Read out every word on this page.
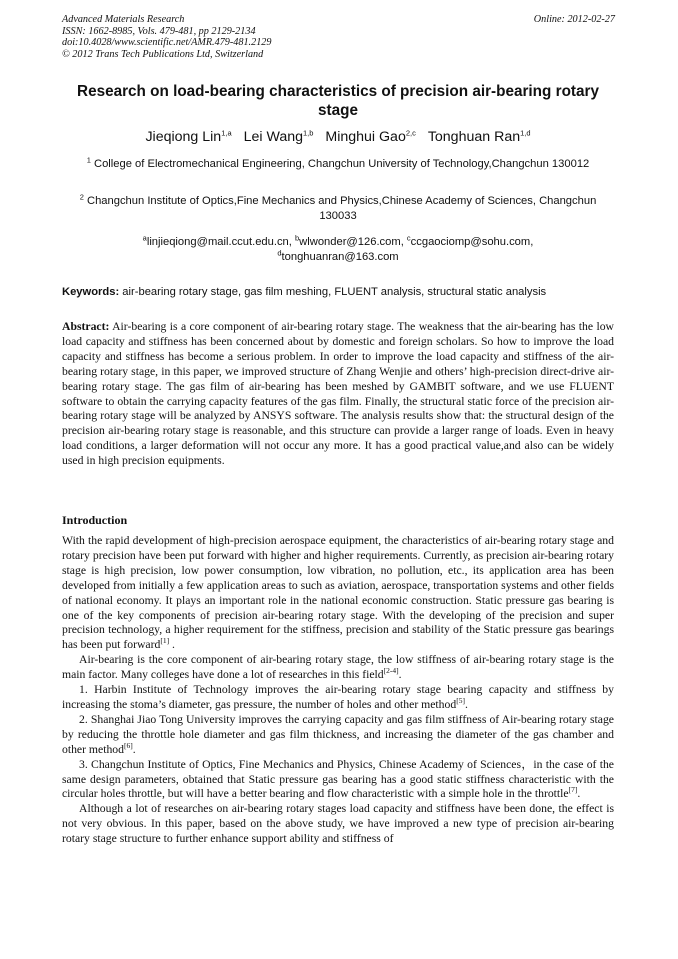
Advanced Materials Research
ISSN: 1662-8985, Vols. 479-481, pp 2129-2134
doi:10.4028/www.scientific.net/AMR.479-481.2129
© 2012 Trans Tech Publications Ltd, Switzerland
Online: 2012-02-27
Research on load-bearing characteristics of precision air-bearing rotary stage
Jieqiong Lin$^{1,a}$ Lei Wang$^{1,b}$ Minghui Gao$^{2,c}$ Tonghuan Ran$^{1,d}$
$^1$ College of Electromechanical Engineering, Changchun University of Technology,Changchun 130012
$^2$ Changchun Institute of Optics,Fine Mechanics and Physics,Chinese Academy of Sciences, Changchun 130033
$^a$linjieqiong@mail.ccut.edu.cn, $^b$wlwonder@126.com, $^c$ccgaociomp@sohu.com,
$^d$tonghuanran@163.com
Keywords: air-bearing rotary stage, gas film meshing, FLUENT analysis, structural static analysis
Abstract: Air-bearing is a core component of air-bearing rotary stage. The weakness that the air-bearing has the low load capacity and stiffness has been concerned about by domestic and foreign scholars. So how to improve the load capacity and stiffness has become a serious problem. In order to improve the load capacity and stiffness of the air-bearing rotary stage, in this paper, we improved structure of Zhang Wenjie and others’ high-precision direct-drive air-bearing rotary stage. The gas film of air-bearing has been meshed by GAMBIT software, and we use FLUENT software to obtain the carrying capacity features of the gas film. Finally, the structural static force of the precision air-bearing rotary stage will be analyzed by ANSYS software. The analysis results show that: the structural design of the precision air-bearing rotary stage is reasonable, and this structure can provide a larger range of loads. Even in heavy load conditions, a larger deformation will not occur any more. It has a good practical value,and also can be widely used in high precision equipments.
Introduction

With the rapid development of high-precision aerospace equipment, the characteristics of air-bearing rotary stage and rotary precision have been put forward with higher and higher requirements. Currently, as precision air-bearing rotary stage is high precision, low power consumption, low vibration, no pollution, etc., its application area has been developed from initially a few application areas to such as aviation, aerospace, transportation systems and other fields of national economy. It plays an important role in the national economic construction. Static pressure gas bearing is one of the key components of precision air-bearing rotary stage. With the developing of the precision and super precision technology, a higher requirement for the stiffness, precision and stability of the Static pressure gas bearings has been put forward[1] .

Air-bearing is the core component of air-bearing rotary stage, the low stiffness of air-bearing rotary stage is the main factor. Many colleges have done a lot of researches in this field[2-4].

1. Harbin Institute of Technology improves the air-bearing rotary stage bearing capacity and stiffness by increasing the stoma’s diameter, gas pressure, the number of holes and other method[5].

2. Shanghai Jiao Tong University improves the carrying capacity and gas film stiffness of Air-bearing rotary stage by reducing the throttle hole diameter and gas film thickness, and increasing the diameter of the gas chamber and other method[6].

3. Changchun Institute of Optics, Fine Mechanics and Physics, Chinese Academy of Sciences，in the case of the same design parameters, obtained that Static pressure gas bearing has a good static stiffness characteristic with the circular holes throttle, but will have a better bearing and flow characteristic with a simple hole in the throttle[7].

Although a lot of researches on air-bearing rotary stages load capacity and stiffness have been done, the effect is not very obvious. In this paper, based on the above study, we have improved a new type of precision air-bearing rotary stage structure to further enhance support ability and stiffness of
